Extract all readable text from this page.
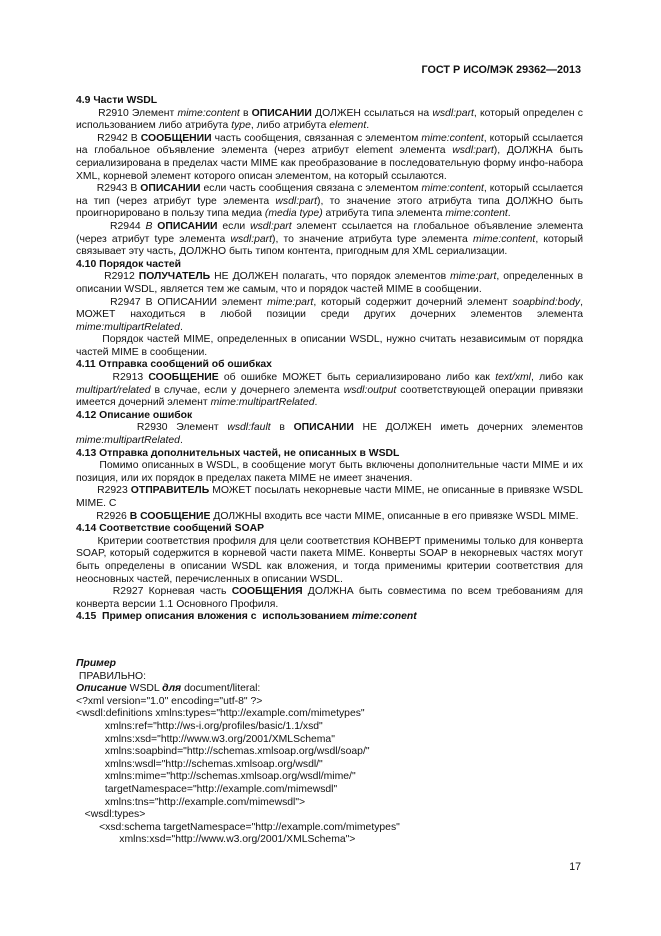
ГОСТ Р ИСО/МЭК 29362—2013

4.9 Части WSDL

R2910 Элемент mime:content в ОПИСАНИИ ДОЛЖЕН ссылаться на wsdl:part, который определен с использованием либо атрибута type, либо атрибута element.

R2942 В СООБЩЕНИИ часть сообщения, связанная с элементом mime:content, который ссылается на глобальное объявление элемента (через атрибут element элемента wsdl:part), ДОЛЖНА быть сериализирована в пределах части MIME как преобразование в последовательную форму инфо-набора XML, корневой элемент которого описан элементом, на который ссылаются.

R2943 В ОПИСАНИИ если часть сообщения связана с элементом mime:content, который ссылается на тип (через атрибут type элемента wsdl:part), то значение этого атрибута типа ДОЛЖНО быть проигнорировано в пользу типа медиа (media type) атрибута типа элемента mime:content.

R2944 В ОПИСАНИИ если wsdl:part элемент ссылается на глобальное объявление элемента (через атрибут type элемента wsdl:part), то значение атрибута type элемента mime:content, который связывает эту часть, ДОЛЖНО быть типом контента, пригодным для XML сериализации.

4.10 Порядок частей

R2912 ПОЛУЧАТЕЛЬ НЕ ДОЛЖЕН полагать, что порядок элементов mime:part, определенных в описании WSDL, является тем же самым, что и порядок частей MIME в сообщении.

R2947 В ОПИСАНИИ элемент mime:part, который содержит дочерний элемент soapbind:body, МОЖЕТ находиться в любой позиции среди других дочерних элементов элемента mime:multipartRelated.

Порядок частей MIME, определенных в описании WSDL, нужно считать независимым от порядка частей MIME в сообщении.

4.11 Отправка сообщений об ошибках

R2913 СООБЩЕНИЕ об ошибке МОЖЕТ быть сериализировано либо как text/xml, либо как multipart/related в случае, если у дочернего элемента wsdl:output соответствующей операции привязки имеется дочерний элемент mime:multipartRelated.

4.12 Описание ошибок

R2930 Элемент wsdl:fault в ОПИСАНИИ НЕ ДОЛЖЕН иметь дочерних элементов mime:multipartRelated.

4.13 Отправка дополнительных частей, не описанных в WSDL

Помимо описанных в WSDL, в сообщение могут быть включены дополнительные части MIME и их позиция, или их порядок в пределах пакета MIME не имеет значения.

R2923 ОТПРАВИТЕЛЬ МОЖЕТ посылать некорневые части MIME, не описанные в привязке WSDL MIME. С

R2926 В СООБЩЕНИЕ ДОЛЖНЫ входить все части MIME, описанные в его привязке WSDL MIME.

4.14 Соответствие сообщений SOAP

Критерии соответствия профиля для цели соответствия КОНВЕРТ применимы только для конверта SOAP, который содержится в корневой части пакета MIME. Конверты SOAP в некорневых частях могут быть определены в описании WSDL как вложения, и тогда применимы критерии соответствия для неосновных частей, перечисленных в описании WSDL.

R2927 Корневая часть СООБЩЕНИЯ ДОЛЖНА быть совместима по всем требованиям для конверта версии 1.1 Основного Профиля.

4.15  Пример описания вложения с  использованием mime:conent

Пример
ПРАВИЛЬНО:
Описание WSDL для document/literal:
<?xml version="1.0" encoding="utf-8" ?>
<wsdl:definitions xmlns:types="http://example.com/mimetypes"
xmlns:ref="http://ws-i.org/profiles/basic/1.1/xsd"
xmlns:xsd="http://www.w3.org/2001/XMLSchema"
xmlns:soapbind="http://schemas.xmlsoap.org/wsdl/soap/"
xmlns:wsdl="http://schemas.xmlsoap.org/wsdl/"
xmlns:mime="http://schemas.xmlsoap.org/wsdl/mime/"
targetNamespace="http://example.com/mimewsdl"
xmlns:tns="http://example.com/mimewsdl">
<wsdl:types>
<xsd:schema targetNamespace="http://example.com/mimetypes"
xmlns:xsd="http://www.w3.org/2001/XMLSchema">
17
